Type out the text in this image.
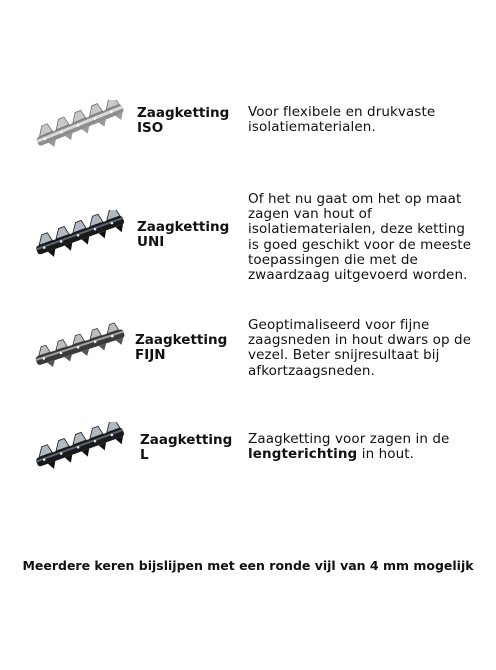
Zaagketting
ISO
Voor flexibele en drukvaste isolatiematerialen.
Zaagketting
UNI
Of het nu gaat om het op maat zagen van hout of isolatiematerialen, deze ketting is goed geschikt voor de meeste toepassingen die met de zwaardzaag uitgevoerd worden.
Zaagketting
FIJN
Geoptimaliseerd voor fijne zaagsneden in hout dwars op de vezel. Beter snijresultaat bij afkortzaagsneden.
Zaagketting
L
Zaagketting voor zagen in de lengterichting in hout.
Meerdere keren bijslijpen met een ronde vijl van 4 mm mogelijk
